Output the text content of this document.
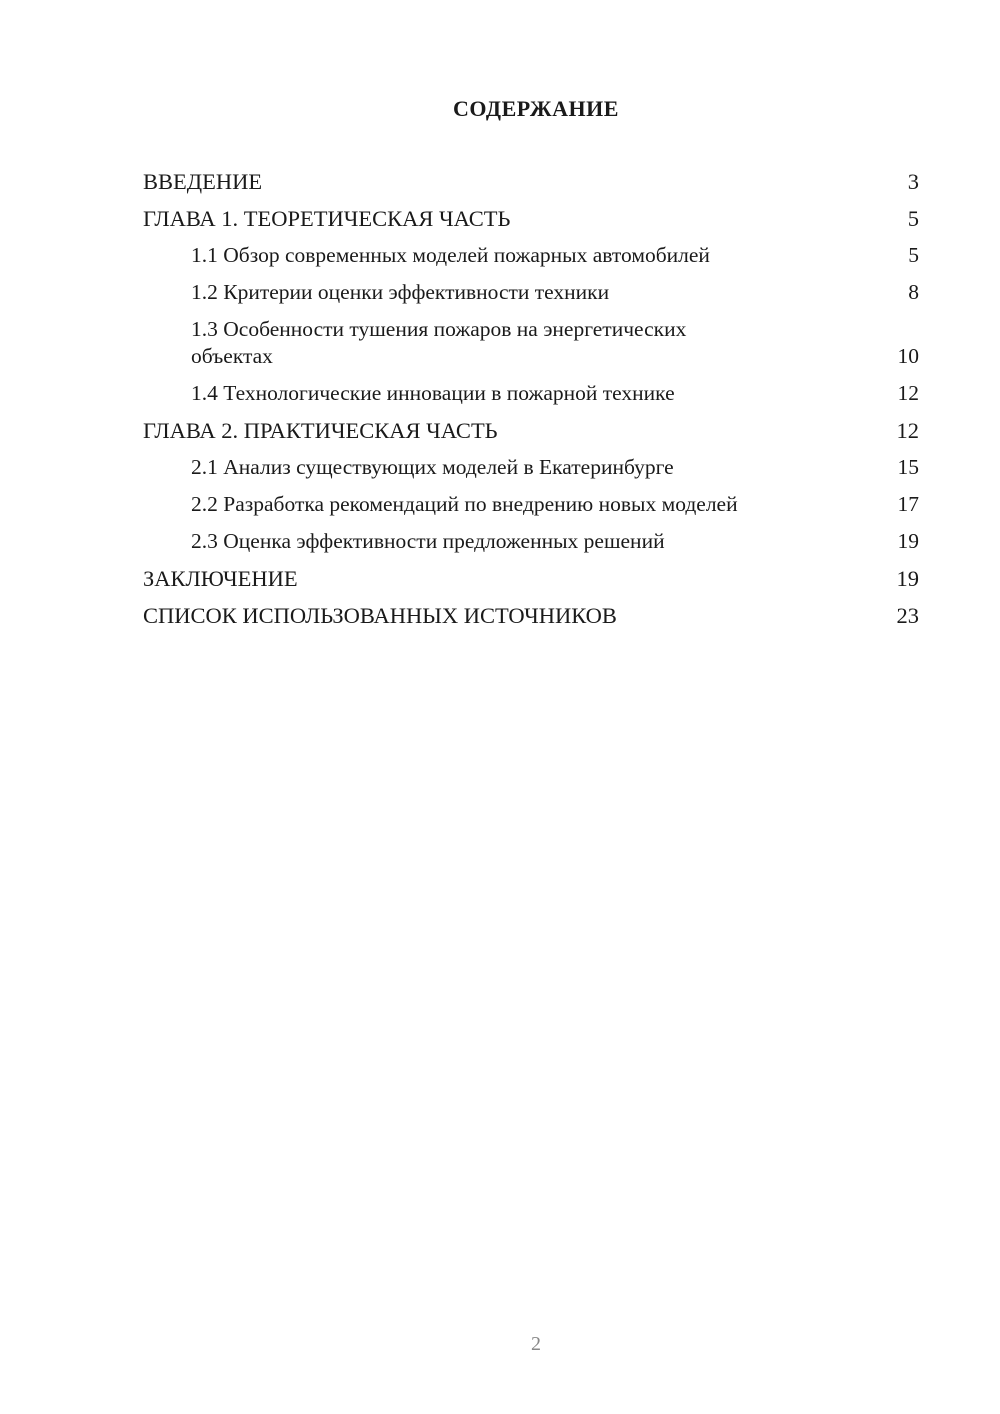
СОДЕРЖАНИЕ
ВВЕДЕНИЕ	3
ГЛАВА 1. ТЕОРЕТИЧЕСКАЯ ЧАСТЬ	5
1.1 Обзор современных моделей пожарных автомобилей	5
1.2 Критерии оценки эффективности техники	8
1.3 Особенности тушения пожаров на энергетических объектах	10
1.4 Технологические инновации в пожарной технике	12
ГЛАВА 2. ПРАКТИЧЕСКАЯ ЧАСТЬ	12
2.1 Анализ существующих моделей в Екатеринбурге	15
2.2 Разработка рекомендаций по внедрению новых моделей	17
2.3 Оценка эффективности предложенных решений	19
ЗАКЛЮЧЕНИЕ	19
СПИСОК ИСПОЛЬЗОВАННЫХ ИСТОЧНИКОВ	23
2
